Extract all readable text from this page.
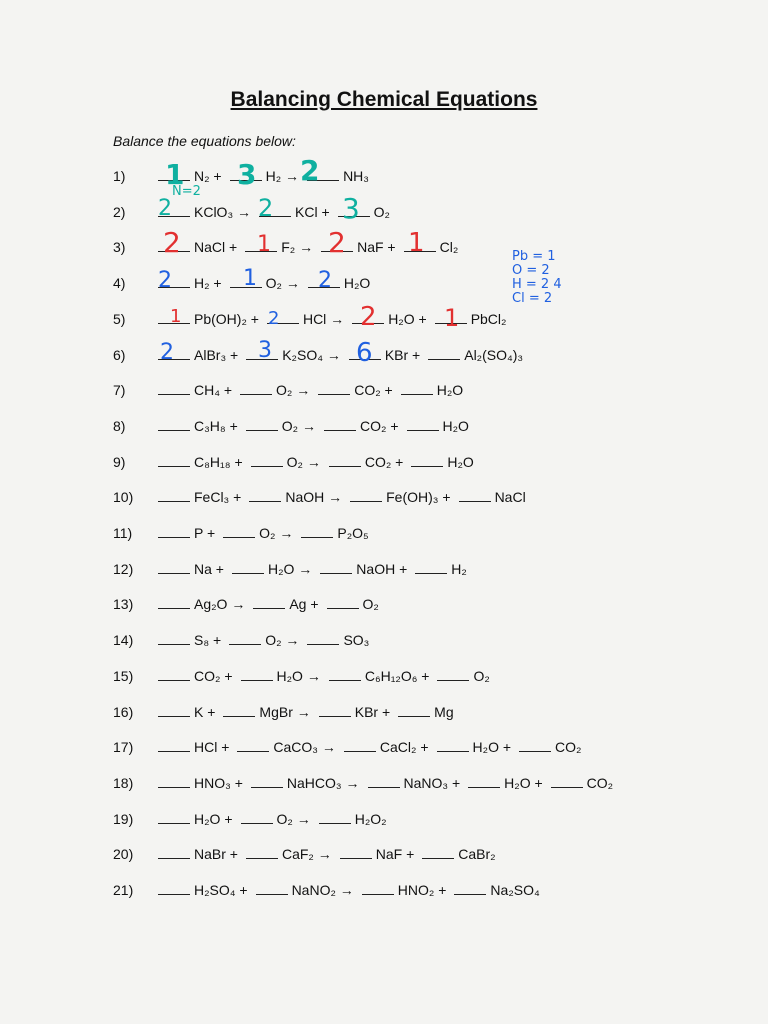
Balancing Chemical Equations
Balance the equations below:
1)	N₂ +	H₂ →	NH₃
2)	KClO₃ →	KCl +	O₂
3)	NaCl +	F₂ →	NaF +	Cl₂
4)	H₂ +	O₂ →	H₂O
5)	Pb(OH)₂ +	HCl →	H₂O +	PbCl₂
6)	AlBr₃ +	K₂SO₄ →	KBr +	Al₂(SO₄)₃
7)	CH₄ +	O₂ →	CO₂ +	H₂O
8)	C₃H₈ +	O₂ →	CO₂ +	H₂O
9)	C₈H₁₈ +	O₂ →	CO₂ +	H₂O
10)	FeCl₃ +	NaOH →	Fe(OH)₃ +	NaCl
11)	P +	O₂ →	P₂O₅
12)	Na +	H₂O →	NaOH +	H₂
13)	Ag₂O →	Ag +	O₂
14)	S₈ +	O₂ →	SO₃
15)	CO₂ +	H₂O →	C₆H₁₂O₆ +	O₂
16)	K +	MgBr →	KBr +	Mg
17)	HCl +	CaCO₃ →	CaCl₂ +	H₂O +	CO₂
18)	HNO₃ +	NaHCO₃ →	NaNO₃ +	H₂O +	CO₂
19)	H₂O +	O₂ →	H₂O₂
20)	NaBr +	CaF₂ →	NaF +	CaBr₂
21)	H₂SO₄ +	NaNO₂ →	HNO₂ +	Na₂SO₄
1 3 2
N=2
2	2 3
2	1 2 1
2	1	2
1	2	2	1
2	3	6
Pb = 1
O = 2
H = 2 4
Cl = 2
